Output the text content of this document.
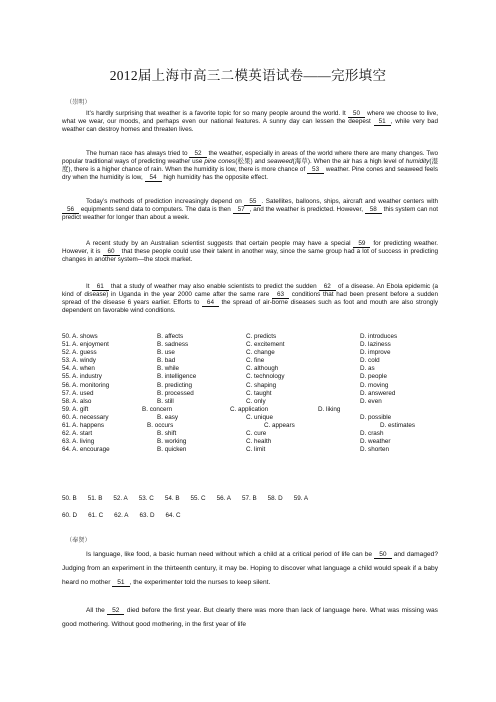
2012届上海市高三二模英语试卷——完形填空
（崇明）

It’s hardly surprising that weather is a favorite topic for so many people around the world. It 50 where we choose to live, what we wear, our moods, and perhaps even our national features. A sunny day can lessen the deepest 51 , while very bad weather can destroy homes and threaten lives.

The human race has always tried to 52 the weather, especially in areas of the world where there are many changes. Two popular traditional ways of predicting weather use pine cones(松果) and seaweed(海草). When the air has a high level of humidity(湿度), there is a higher chance of rain. When the humidity is low, there is more chance of 53 weather. Pine cones and seaweed feels dry when the humidity is low, 54 high humidity has the opposite effect.

Today’s methods of prediction increasingly depend on 55 . Satellites, balloons, ships, aircraft and weather centers with 56 equipments send data to computers. The data is then 57 , and the weather is predicted. However, 58 this system can not predict weather for longer than about a week.

A recent study by an Australian scientist suggests that certain people may have a special 59 for predicting weather. However, it is 60 that these people could use their talent in another way, since the same group had a lot of success in predicting changes in another system—the stock market.

It 61 that a study of weather may also enable scientists to predict the sudden 62 of a disease. An Ebola epidemic (a kind of disease) in Uganda in the year 2000 came after the same rare 63 conditions that had been present before a sudden spread of the disease 6 years earlier. Efforts to 64 the spread of air-borne diseases such as foot and mouth are also strongly dependent on favorable wind conditions.

50. A. shows	B. affects	C. predicts	D. introduces
51. A. enjoyment	B. sadness	C. excitement	D. laziness
52. A. guess	B. use	C. change	D. improve
53. A. windy	B. bad	C. fine	D. cold
54. A. when	B. while	C. although	D. as
55. A. industry	B. intelligence	C. technology	D. people
56. A. monitoring	B. predicting	C. shaping	D. moving
57. A. used	B. processed	C. taught	D. answered
58. A. also	B. still	C. only	D. even
59. A. gift	B. concern	C. application	D. liking
60. A. necessary	B. easy	C. unique	D. possible
61. A. happens	B. occurs	C. appears	D. estimates
62. A. start	B. shift	C. cure	D. crash
63. A. living	B. working	C. health	D. weather
64. A. encourage	B. quicken	C. limit	D. shorten
50. B 51. B 52. A 53. C 54. B 55. C 56. A 57. B 58. D 59. A
60. D 61. C 62. A 63. D 64. C
（奉贤）

Is language, like food, a basic human need without which a child at a critical period of life can be 50 and damaged? Judging from an experiment in the thirteenth century, it may be. Hoping to discover what language a child would speak if a baby heard no mother 51 , the experimenter told the nurses to keep silent.

All the 52 died before the first year. But clearly there was more than lack of language here. What was missing was good mothering. Without good mothering, in the first year of life
